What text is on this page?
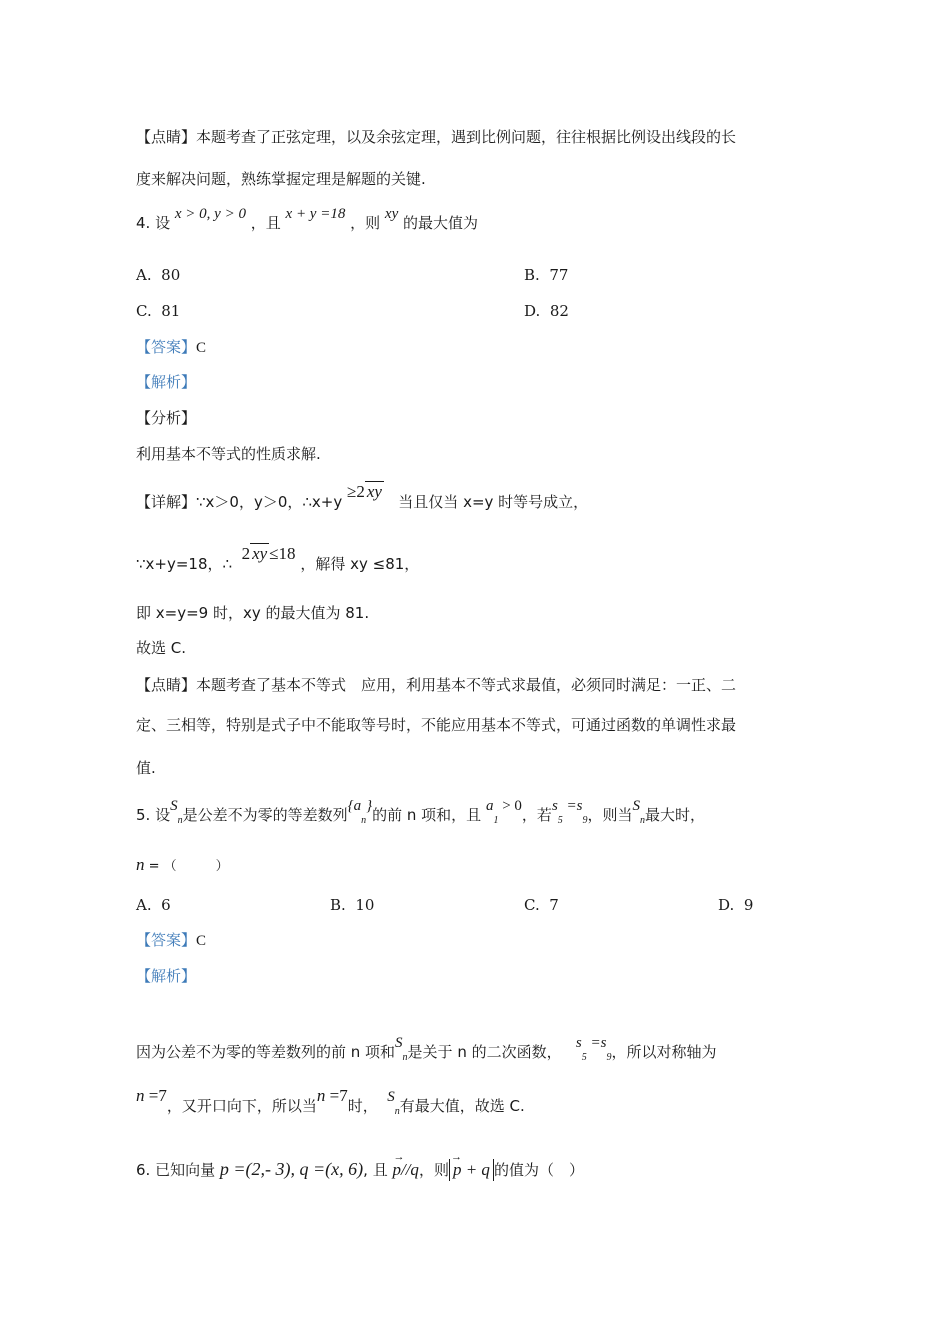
【点睛】本题考查了正弦定理，以及余弦定理，遇到比例问题，往往根据比例设出线段的长
度来解决问题，熟练掌握定理是解题的关键.
4. 设 x > 0, y > 0 ，且 x + y =18 ，则 xy 的最大值为
A. 80	B. 77
C. 81	D. 82
【答案】C
【解析】
【分析】
利用基本不等式的性质求解.
【详解】∵x＞0，y＞0，∴x+y ≥2 xy   当且仅当 x=y 时等号成立，
∵x+y=18，∴  2 xy ≤18 ，解得 xy ≤81，
即 x=y=9 时，xy 的最大值为 81.
故选 C.
【点睛】本题考查了基本不等式　应用，利用基本不等式求最值，必须同时满足：一正、二
定、三相等，特别是式子中不能取等号时，不能应用基本不等式，可通过函数的单调性求最
值.
5. 设$S_n$是公差不为零的等差数列$\{a_n\}$的前 n 项和，且 $a_1 > 0$，若$s_5 =s_9$，则当$S_n$最大时，
n = （　　　）
A. 6	B. 10	C. 7	D. 9
【答案】C
【解析】
因为公差不为零的等差数列的前 n 项和$S_n$是关于 n 的二次函数， $s_5 =s_9$，所以对称轴为
n =7，又开口向下，所以当n =7时， $S_n$有最大值，故选 C.
6. 已知向量 p =(2,- 3), q =(x, 6), 且
→
p//q，则
→
p + q 的值为（　）
